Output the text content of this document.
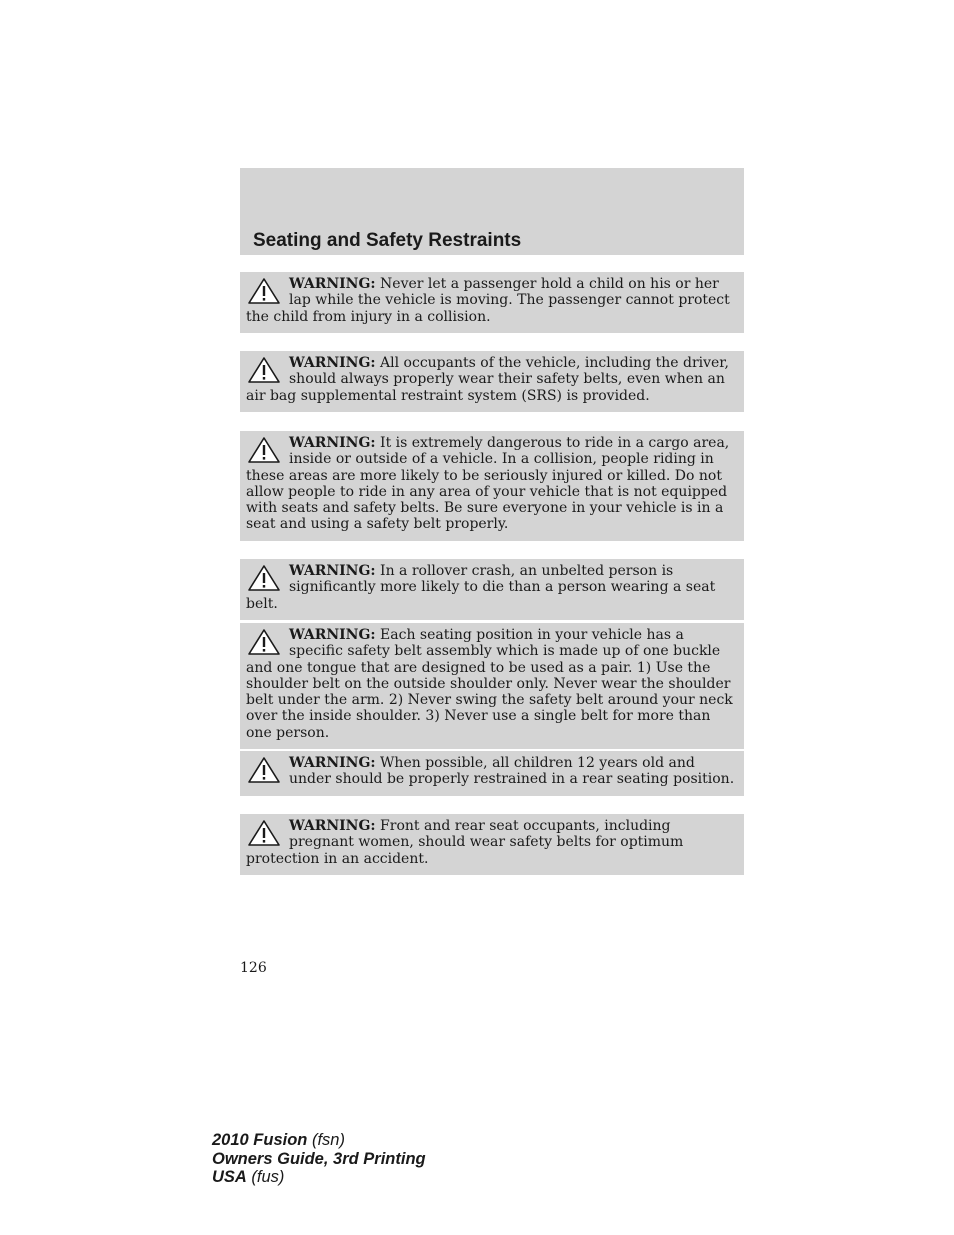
Seating and Safety Restraints
WARNING: Never let a passenger hold a child on his or her lap while the vehicle is moving. The passenger cannot protect the child from injury in a collision.
WARNING: All occupants of the vehicle, including the driver, should always properly wear their safety belts, even when an air bag supplemental restraint system (SRS) is provided.
WARNING: It is extremely dangerous to ride in a cargo area, inside or outside of a vehicle. In a collision, people riding in these areas are more likely to be seriously injured or killed. Do not allow people to ride in any area of your vehicle that is not equipped with seats and safety belts. Be sure everyone in your vehicle is in a seat and using a safety belt properly.
WARNING: In a rollover crash, an unbelted person is significantly more likely to die than a person wearing a seat belt.
WARNING: Each seating position in your vehicle has a specific safety belt assembly which is made up of one buckle and one tongue that are designed to be used as a pair. 1) Use the shoulder belt on the outside shoulder only. Never wear the shoulder belt under the arm. 2) Never swing the safety belt around your neck over the inside shoulder. 3) Never use a single belt for more than one person.
WARNING: When possible, all children 12 years old and under should be properly restrained in a rear seating position.
WARNING: Front and rear seat occupants, including pregnant women, should wear safety belts for optimum protection in an accident.
126
2010 Fusion (fsn)
Owners Guide, 3rd Printing
USA (fus)
